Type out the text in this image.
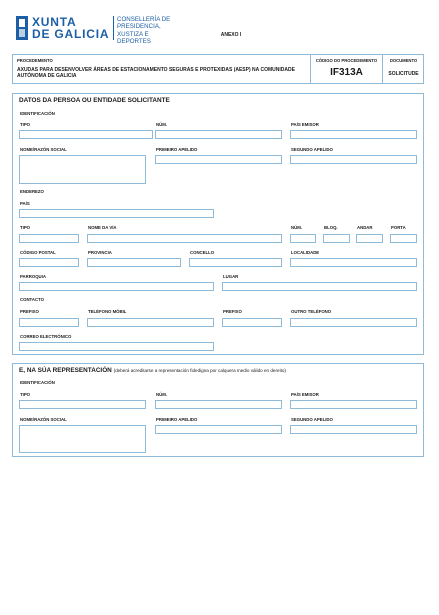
XUNTA
DE GALICIA
CONSELLERÍA DE
PRESIDENCIA,
XUSTIZA E DEPORTES
ANEXO I
PROCEDEMENTO
AXUDAS PARA DESENVOLVER ÁREAS DE ESTACIONAMENTO SEGURAS E PROTEXIDAS (AESP) NA COMUNIDADE AUTÓNOMA DE GALICIA
CÓDIGO DO PROCEDEMENTO
IF313A
DOCUMENTO
SOLICITUDE
DATOS DA PERSOA OU ENTIDADE SOLICITANTE
IDENTIFICACIÓN
TIPO	NÚM.	PAÍS EMISOR
NOME/RAZÓN SOCIAL	PRIMEIRO APELIDO	SEGUNDO APELIDO
ENDEREZO
PAÍS
TIPO	NOME DA VÍA	NÚM.	BLOQ.	ANDAR	PORTA
CÓDIGO POSTAL	PROVINCIA	CONCELLO	LOCALIDADE
PARROQUIA	LUGAR
CONTACTO
PREFIXO	TELÉFONO MÓBIL	PREFIXO	OUTRO TELÉFONO
CORREO ELECTRÓNICO
E, NA SÚA REPRESENTACIÓN (deberá acreditarse a representación fidedigna por calquera medio válido en dereito)
IDENTIFICACIÓN
TIPO	NÚM.	PAÍS EMISOR
NOME/RAZÓN SOCIAL	PRIMEIRO APELIDO	SEGUNDO APELIDO
